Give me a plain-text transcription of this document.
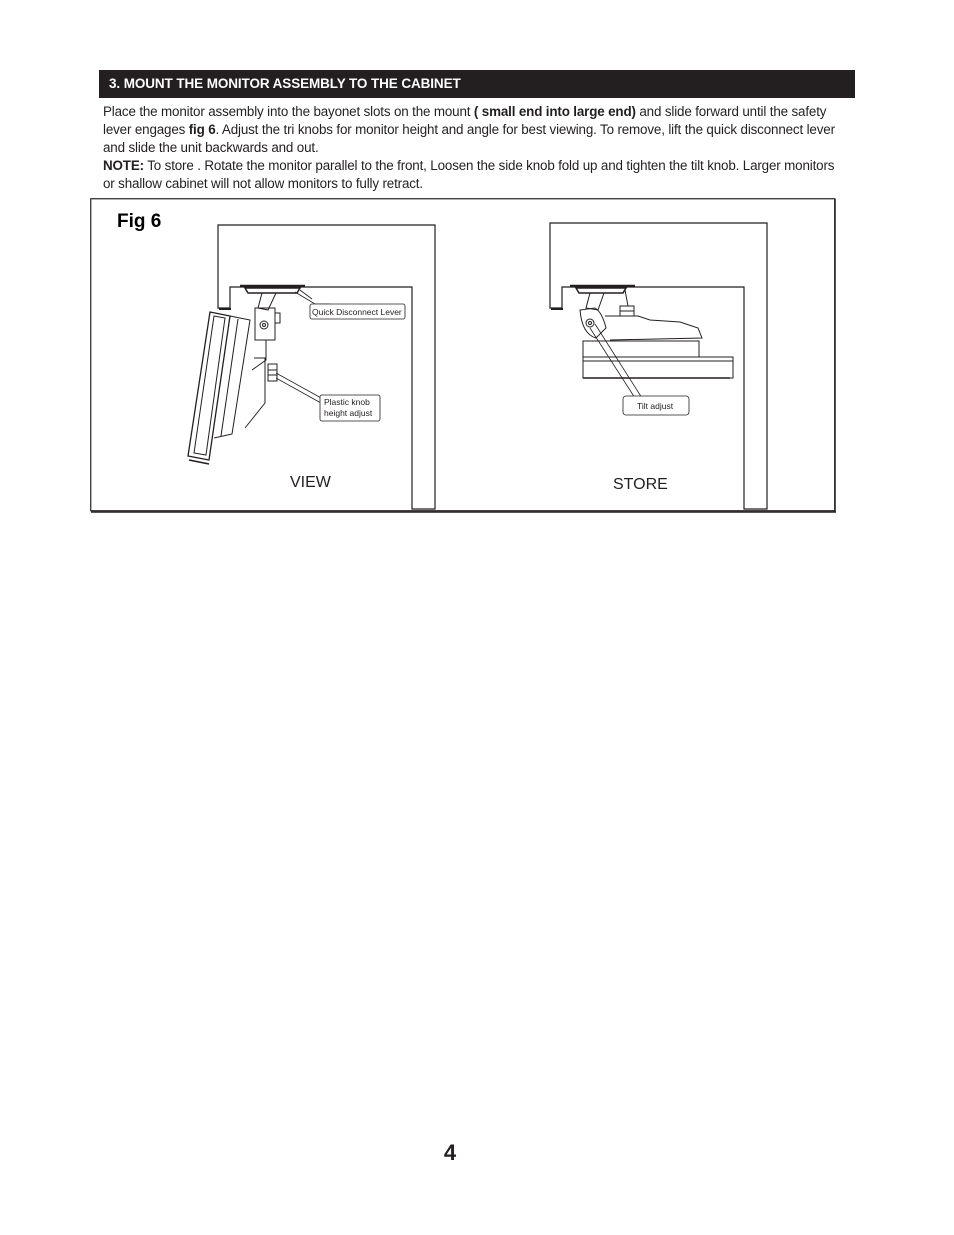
3. MOUNT THE MONITOR ASSEMBLY TO THE CABINET

Place the monitor assembly into the bayonet slots on the mount ( small end into large end) and slide forward until the safety lever engages fig 6. Adjust the tri knobs for monitor height and angle for best viewing. To remove, lift the quick disconnect lever and slide the unit backwards and out.

NOTE: To store . Rotate the monitor parallel to the front, Loosen the side knob fold up and tighten the tilt knob. Larger monitors or shallow cabinet will not allow monitors to fully retract.

Fig 6
Quick Disconnect Lever
Plastic knob
height adjust
VIEW
Tilt adjust
STORE
4
